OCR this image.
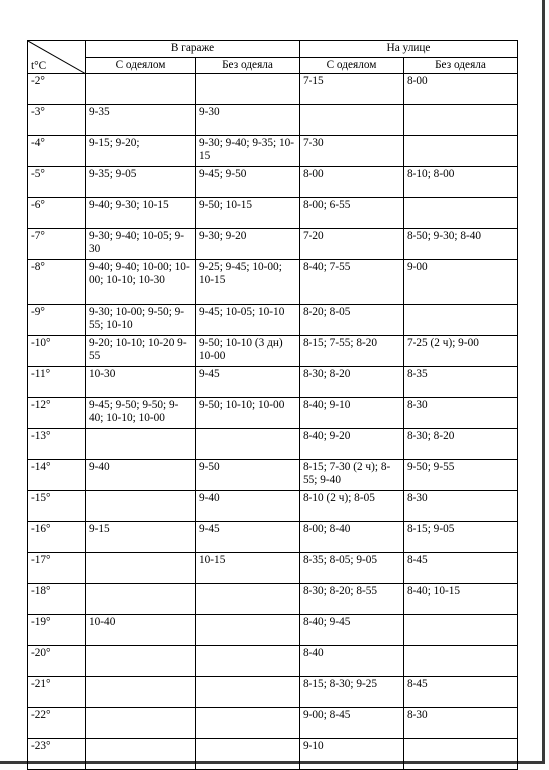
t°C	В гараже		На улице	
	С одеялом	Без одеяла	С одеялом	Без одеяла
-2°			7-15	8-00
-3°	9-35	9-30		
-4°	9-15; 9-20;	9-30; 9-40; 9-35; 10-15	7-30	
-5°	9-35; 9-05	9-45; 9-50	8-00	8-10; 8-00
-6°	9-40; 9-30; 10-15	9-50; 10-15	8-00; 6-55	
-7°	9-30; 9-40; 10-05; 9-30	9-30; 9-20	7-20	8-50; 9-30; 8-40
-8°	9-40; 9-40; 10-00; 10-00; 10-10; 10-30	9-25; 9-45; 10-00; 10-15	8-40; 7-55	9-00
-9°	9-30; 10-00; 9-50; 9-55; 10-10	9-45; 10-05; 10-10	8-20; 8-05	
-10°	9-20; 10-10; 10-20 9-55	9-50; 10-10 (3 дн) 10-00	8-15; 7-55; 8-20	7-25 (2 ч); 9-00
-11°	10-30	9-45	8-30; 8-20	8-35
-12°	9-45; 9-50; 9-50; 9-40; 10-10; 10-00	9-50; 10-10; 10-00	8-40; 9-10	8-30
-13°			8-40; 9-20	8-30; 8-20
-14°	9-40	9-50	8-15; 7-30 (2 ч); 8-55; 9-40	9-50; 9-55
-15°		9-40	8-10 (2 ч); 8-05	8-30
-16°	9-15	9-45	8-00; 8-40	8-15; 9-05
-17°		10-15	8-35; 8-05; 9-05	8-45
-18°			8-30; 8-20; 8-55	8-40; 10-15
-19°	10-40		8-40; 9-45	
-20°			8-40	
-21°			8-15; 8-30; 9-25	8-45
-22°			9-00; 8-45	8-30
-23°			9-10	
